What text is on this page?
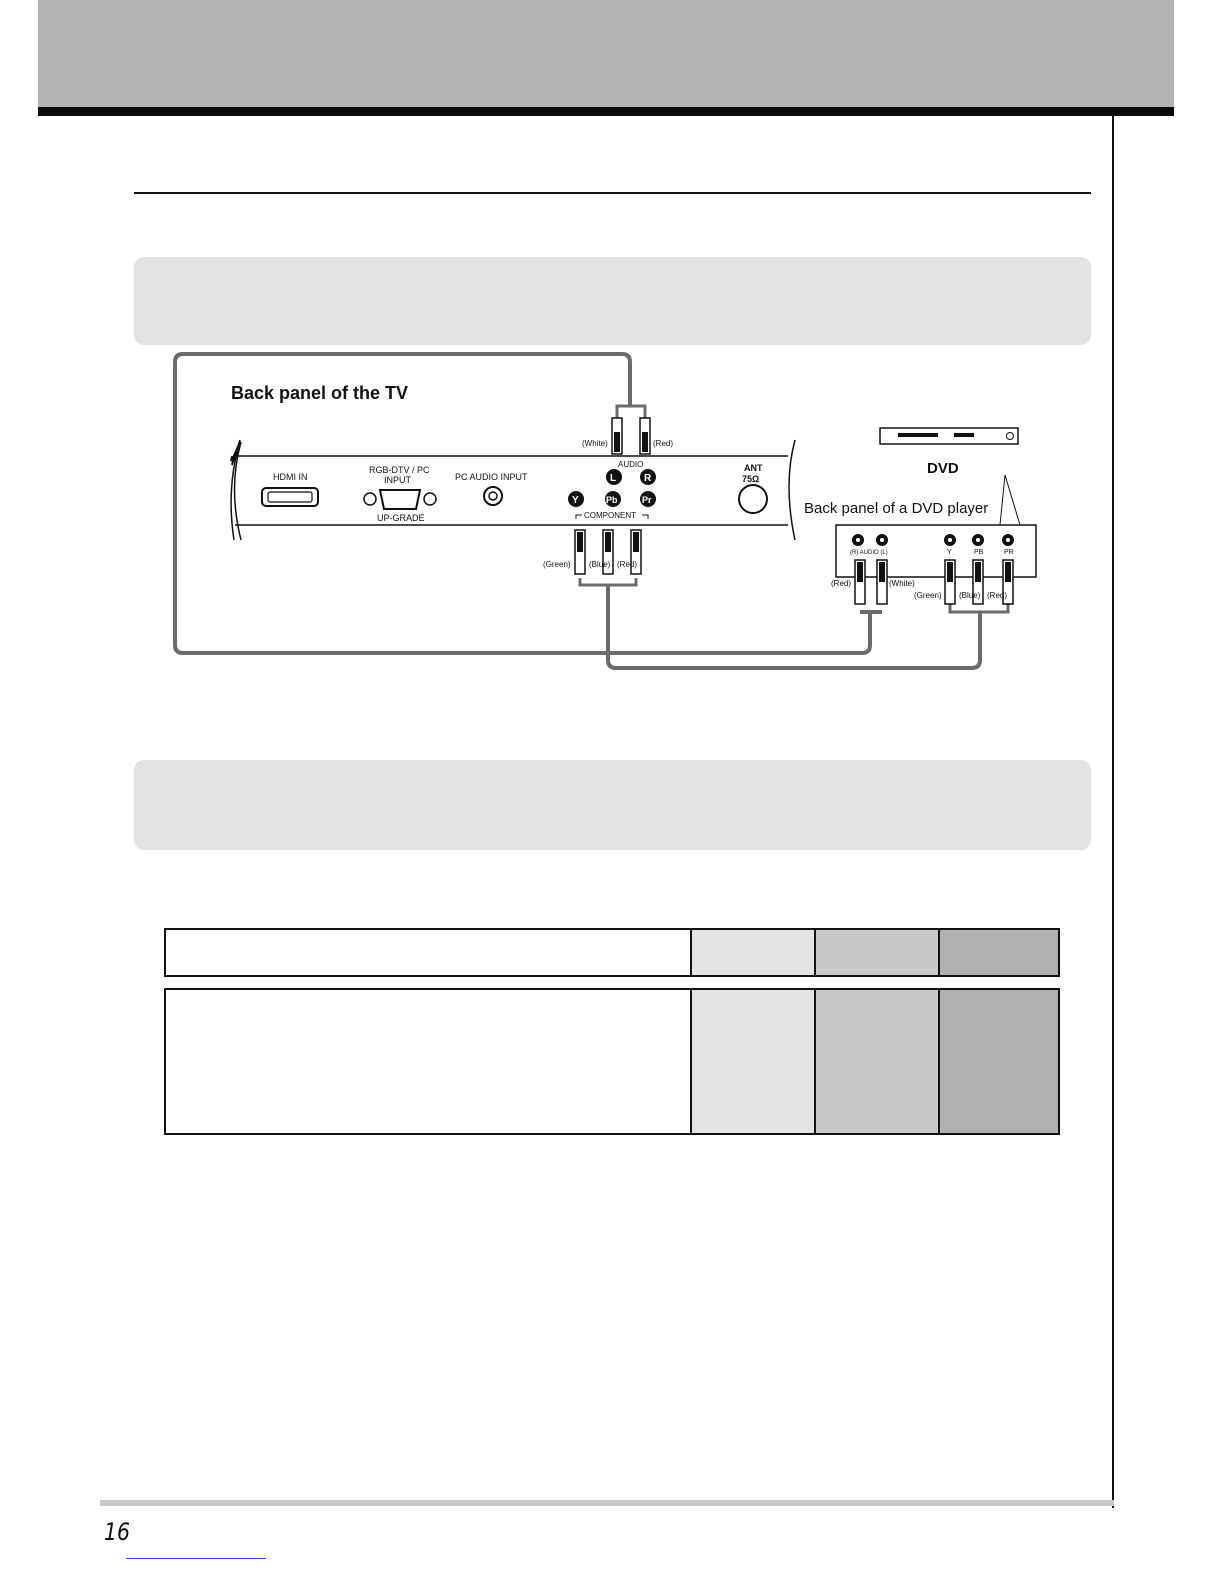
Back panel of the TV
HDMI IN
RGB-DTV / PC
INPUT
UP-GRADE
PC AUDIO INPUT
AUDIO
L	R
Y	Pb	Pr
COMPONENT
ANT
75Ω
(White)	(Red)
(Green) (Blue) (Red)
DVD
Back panel of a DVD player
(R) AUDIO (L)	Y	PB	PR
(Red)	(White)
(Green) (Blue) (Red)
16
